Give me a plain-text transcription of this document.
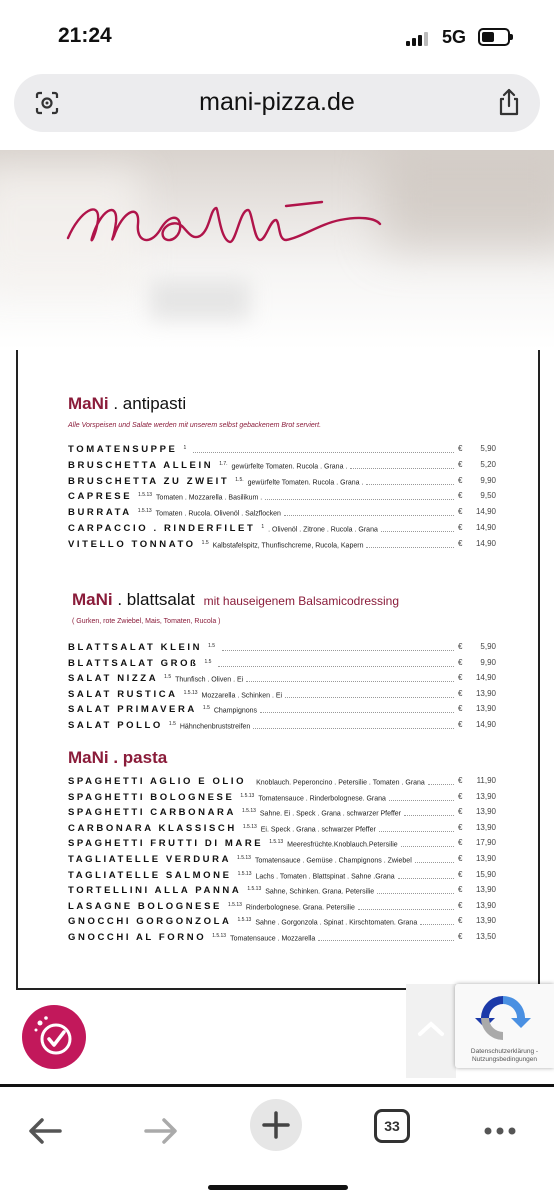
21:24	5G
mani-pizza.de
MaNi . antipasti
Alle Vorspeisen und Salate werden mit unserem selbst gebackenem Brot serviert.
TOMATENSUPPE $^1$	€ 5,90
BRUSCHETTA ALLEIN $^{1.7.}$ gewürfelte Tomaten. Rucola . Grana .	€ 5,20
BRUSCHETTA ZU ZWEIT $^{1.5.}$ gewürfelte Tomaten. Rucola . Grana .	€ 9,90
CAPRESE $^{1.5.13}$ Tomaten . Mozzarella . Basilikum .	€ 9,50
BURRATA $^{1.5.13}$ Tomaten . Rucola. Olivenöl . Salzflocken	€ 14,90
CARPACCIO . RINDERFILET $^1$ . Olivenöl . Zitrone . Rucola . Grana	€ 14,90
VITELLO TONNATO $^{1.5}$ Kalbstafelspitz, Thunfischcreme, Rucola, Kapern	€ 14,90
MaNi . blattsalat mit hauseigenem Balsamicodressing
( Gurken, rote Zwiebel, Mais, Tomaten, Rucola )
BLATTSALAT KLEIN $^{1.5}$	€ 5,90
BLATTSALAT GROß $^{1.5}$	€ 9,90
SALAT NIZZA $^{1.5}$ Thunfisch . Oliven . Ei	€ 14,90
SALAT RUSTICA $^{1.5.13}$ Mozzarella . Schinken . Ei	€ 13,90
SALAT PRIMAVERA $^{1.5}$ Champignons	€ 13,90
SALAT POLLO $^{1.5}$ Hähnchenbruststreifen	€ 14,90
MaNi . pasta
SPAGHETTI AGLIO E OLIO	Knoblauch. Peperoncino . Petersilie . Tomaten . Grana	€ 11,90
SPAGHETTI BOLOGNESE $^{1.5.13}$ Tomatensauce . Rinderbolognese. Grana	€ 13,90
SPAGHETTI CARBONARA $^{1.5.13}$ Sahne. Ei . Speck . Grana . schwarzer Pfeffer	€ 13,90
CARBONARA KLASSISCH $^{1.5.13}$ Ei. Speck . Grana . schwarzer Pfeffer	€ 13,90
SPAGHETTI FRUTTI DI MARE $^{1.5.13}$ Meeresfrüchte.Knoblauch.Petersilie	€ 17,90
TAGLIATELLE VERDURA $^{1.5.13}$ Tomatensauce . Gemüse . Champignons . Zwiebel	€ 13,90
TAGLIATELLE SALMONE $^{1.5.13}$ Lachs . Tomaten . Blattspinat . Sahne .Grana	€ 15,90
TORTELLINI ALLA PANNA $^{1.5.13}$ Sahne, Schinken. Grana. Petersilie	€ 13,90
LASAGNE BOLOGNESE $^{1.5.13}$ Rinderbolognese. Grana. Petersilie	€ 13,90
GNOCCHI GORGONZOLA $^{1.5.13}$ Sahne . Gorgonzola . Spinat . Kirschtomaten. Grana	€ 13,90
GNOCCHI AL FORNO $^{1.5.13}$ Tomatensauce . Mozzarella	€ 13,50
Datenschutzerklärung - Nutzungsbedingungen
33
